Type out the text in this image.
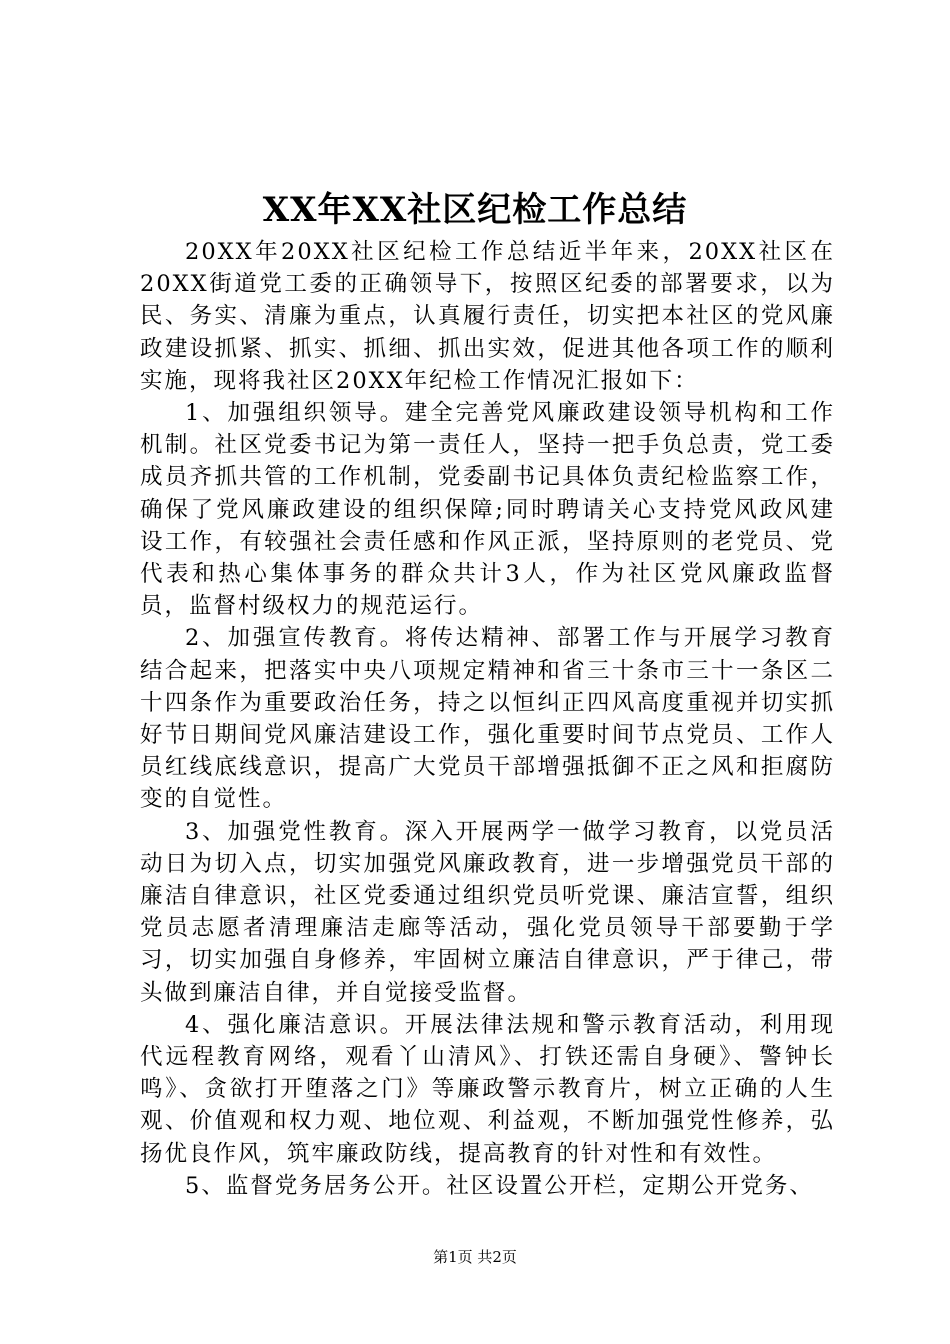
XX年XX社区纪检工作总结

20XX年20XX社区纪检工作总结近半年来，20XX社区在20XX街道党工委的正确领导下，按照区纪委的部署要求，以为民、务实、清廉为重点，认真履行责任，切实把本社区的党风廉政建设抓紧、抓实、抓细、抓出实效，促进其他各项工作的顺利实施，现将我社区20XX年纪检工作情况汇报如下：

1、加强组织领导。建全完善党风廉政建设领导机构和工作机制。社区党委书记为第一责任人，坚持一把手负总责，党工委成员齐抓共管的工作机制，党委副书记具体负责纪检监察工作，确保了党风廉政建设的组织保障;同时聘请关心支持党风政风建设工作，有较强社会责任感和作风正派，坚持原则的老党员、党代表和热心集体事务的群众共计3人，作为社区党风廉政监督员，监督村级权力的规范运行。

2、加强宣传教育。将传达精神、部署工作与开展学习教育结合起来，把落实中央八项规定精神和省三十条市三十一条区二十四条作为重要政治任务，持之以恒纠正四风高度重视并切实抓好节日期间党风廉洁建设工作，强化重要时间节点党员、工作人员红线底线意识，提高广大党员干部增强抵御不正之风和拒腐防变的自觉性。

3、加强党性教育。深入开展两学一做学习教育，以党员活动日为切入点，切实加强党风廉政教育，进一步增强党员干部的廉洁自律意识，社区党委通过组织党员听党课、廉洁宣誓，组织党员志愿者清理廉洁走廊等活动，强化党员领导干部要勤于学习，切实加强自身修养，牢固树立廉洁自律意识，严于律己，带头做到廉洁自律，并自觉接受监督。

4、强化廉洁意识。开展法律法规和警示教育活动，利用现代远程教育网络，观看丫山清风》、打铁还需自身硬》、警钟长鸣》、贪欲打开堕落之门》等廉政警示教育片，树立正确的人生观、价值观和权力观、地位观、利益观，不断加强党性修养，弘扬优良作风，筑牢廉政防线，提高教育的针对性和有效性。

5、监督党务居务公开。社区设置公开栏，定期公开党务、

第1页 共2页
